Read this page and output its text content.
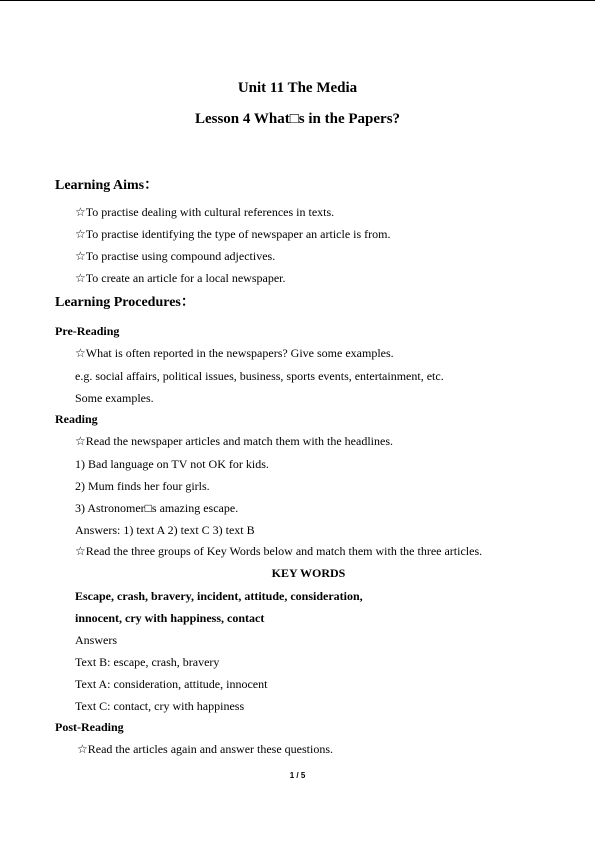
Unit 11 The Media
Lesson 4 What□s in the Papers?
Learning Aims：
☆To practise dealing with cultural references in texts.
☆To practise identifying the type of newspaper an article is from.
☆To practise using compound adjectives.
☆To create an article for a local newspaper.
Learning Procedures：
Pre-Reading
☆What is often reported in the newspapers? Give some examples.
e.g. social affairs, political issues, business, sports events, entertainment, etc.
Some examples.
Reading
☆Read the newspaper articles and match them with the headlines.
1) Bad language on TV not OK for kids.
2) Mum finds her four girls.
3) Astronomer□s amazing escape.
Answers: 1) text A 2) text C 3) text B
☆Read the three groups of Key Words below and match them with the three articles.
KEY WORDS
Escape, crash, bravery, incident, attitude, consideration,
innocent, cry with happiness, contact
Answers
Text B: escape, crash, bravery
Text A: consideration, attitude, innocent
Text C: contact, cry with happiness
Post-Reading
☆Read the articles again and answer these questions.
1 / 5
